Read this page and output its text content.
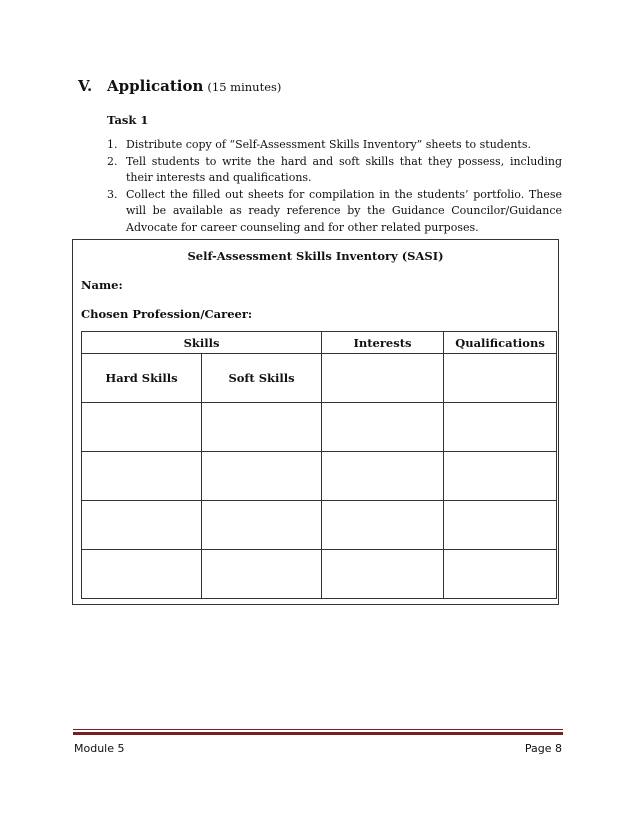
V. Application (15 minutes)
Task 1
1. Distribute copy of “Self-Assessment Skills Inventory” sheets to students.
2. Tell students to write the hard and soft skills that they possess, including their interests and qualifications.
3. Collect the filled out sheets for compilation in the students’ portfolio. These will be available as ready reference by the Guidance Councilor/Guidance Advocate for career counseling and for other related purposes.
Self-Assessment Skills Inventory (SASI)
Name:
Chosen Profession/Career:
Skills		Interests	Qualifications
Hard Skills	Soft Skills		

Module 5	Page 8
